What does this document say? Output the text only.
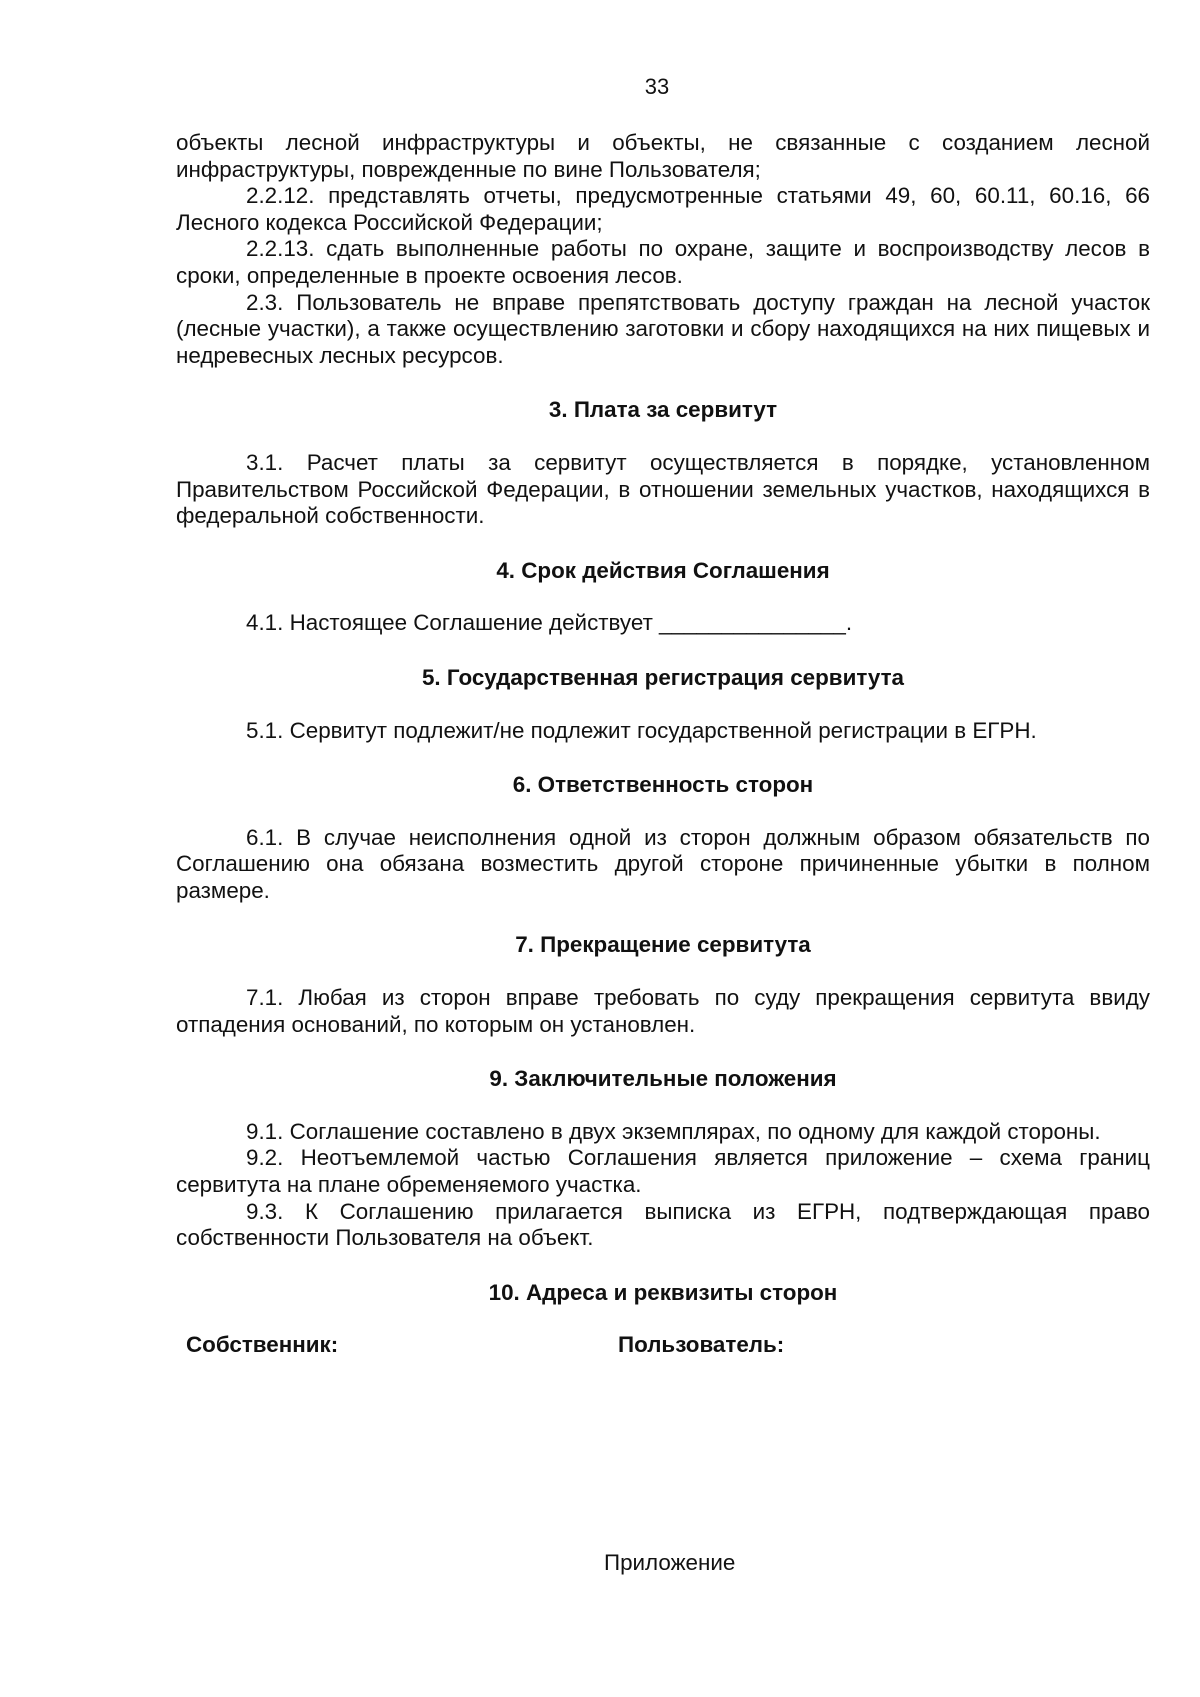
33

объекты лесной инфраструктуры и объекты, не связанные с созданием лесной инфраструктуры, поврежденные по вине Пользователя;

2.2.12. представлять отчеты, предусмотренные статьями 49, 60, 60.11, 60.16, 66 Лесного кодекса Российской Федерации;

2.2.13. сдать выполненные работы по охране, защите и воспроизводству лесов в сроки, определенные в проекте освоения лесов.

2.3. Пользователь не вправе препятствовать доступу граждан на лесной участок (лесные участки), а также осуществлению заготовки и сбору находящихся на них пищевых и недревесных лесных ресурсов.

3. Плата за сервитут

3.1. Расчет платы за сервитут осуществляется в порядке, установленном Правительством Российской Федерации, в отношении земельных участков, находящихся в федеральной собственности.

4. Срок действия Соглашения

4.1. Настоящее Соглашение действует _______________.

5. Государственная регистрация сервитута

5.1. Сервитут подлежит/не подлежит государственной регистрации в ЕГРН.

6. Ответственность сторон

6.1. В случае неисполнения одной из сторон должным образом обязательств по Соглашению она обязана возместить другой стороне причиненные убытки в полном размере.

7. Прекращение сервитута

7.1. Любая из сторон вправе требовать по суду прекращения сервитута ввиду отпадения оснований, по которым он установлен.

9. Заключительные положения

9.1. Соглашение составлено в двух экземплярах, по одному для каждой стороны.

9.2. Неотъемлемой частью Соглашения является приложение – схема границ сервитута на плане обременяемого участка.

9.3. К Соглашению прилагается выписка из ЕГРН, подтверждающая право собственности Пользователя на объект.

10. Адреса и реквизиты сторон
Собственник:	Пользователь:
Приложение
